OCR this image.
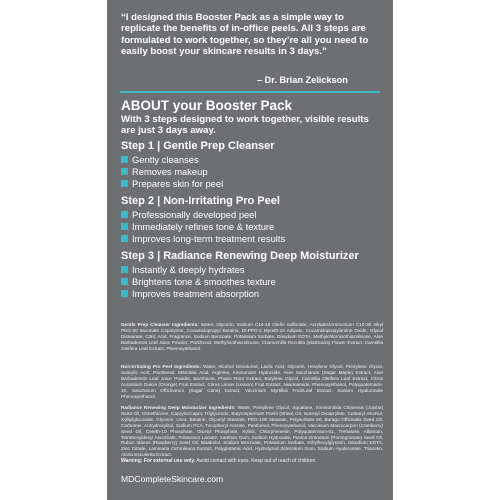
“I designed this Booster Pack as a simple way to replicate the benefits of in-office peels. All 3 steps are formulated to work together, so they’re all you need to easily boost your skincare results in 3 days.”
– Dr. Brian Zelickson
ABOUT your Booster Pack
With 3 steps designed to work together, visible results are just 3 days away.
Step 1 | Gentle Prep Cleanser
Gently cleanses
Removes makeup
Prepares skin for peel
Step 2 | Non-Irritating Pro Peel
Professionally developed peel
Immediately refines tone & texture
Improves long-term treatment results
Step 3 | Radiance Renewing Deep Moisturizer
Instantly & deeply hydrates
Brightens tone & smoothes texture
Improves treatment absorption
Gentle Prep Cleanser Ingredients: Water, Glycerin, Sodium C14-16 Olefin Sulfonate, Acrylates/Ammonium C10-30 Alkyl PEG-20 Itaconate Copolymer, Cocamidopropyl Betaine, Di-PPG-2 Myreth-10 Adipate, Cocamidopropylamine Oxide, Glycol Distearate, Citric Acid, Fragrance, Sodium Benzoate, Potassium Sorbate, Disodium EDTA, Methylchloroisothiazolinone, Aloe Barbadensis Leaf Juice Powder, Panthenol, Methylisothiazolinone, Chamomilla Recutita (Matricaria) Flower Extract, Camellia Oleifera Leaf Extract, Phenoxyethanol.
Non-Irritating Pro Peel Ingredients: Water, Alcohol Denatured, Lactic Acid, Glycerin, Hexylene Glycol, Pentylene Glycol, Salicylic Acid, Panthenol, Mandelic Acid, Arginine, Ammonium Hydroxide, Acer Saccharum (Sugar Maple) Extract, Aloe Barbadensis Leaf Juice Powder, Boerhavia, Phaeo Root Extract, Butylene Glycol, Camellia Oleifera Leaf Extract, Citrus Aurantium Dulcis (Orange) Fruit Extract, Citrus Limon (Lemon) Fruit Extract, Niacinamide, Phenoxyethanol, Polyquaternium-10, Saccharum Officinarum (Sugar Cane) Extract, Vaccinium Myrtillus Fruit/Leaf Extract, Sodium Hyaluronate Phenoxyethanol.
Radiance Renewing Deep Moisturizer Ingredients: Water, Pentylene Glycol, Squalane, Simmondsia Chinensis (Jojoba) Seed Oil, Dimethicone, Caprylic/Capric Triglyceride, Butyrospermum Parkii (Shea) Oil, Isocetyl Dicaprylate, Cetearyl Alcohol, Xylitylglucoside, Glycerin, Urea, Betaine, Glyceryl Stearate, PEG-100 Stearate, Polysorbate 60, Borago Officinalis Seed Oil, Carbomer, Anhydroxylitol, Sodium PCA, Tocopheryl Acetate, Panthenol, Phenoxyethanol, Vaccinium Macrocarpon (Cranberry) Seed Oil, Ceteth-10 Phosphate, Dicetyl Phosphate, Xylitol, Chlorphenesin, Polyquaternium-51, Trehalose, Allantoin, Tetrahexyldecyl Ascorbate, Potassium Lactate, Xanthan Gum, Sodium Hydroxide, Punica Granatum (Pomegranate) Seed Oil, Rubus Idaeus (Raspberry) Seed Oil, Bisabolol, Sodium Benzoate, Potassium Sorbate, Ethylhexylglycerin, Disodium EDTA, Zinc Citrate, Laminaria Ochroleuca Extract, Polyglutamic Acid, Hydrolyzed Sclerotium Gum, Sodium Hyaluronate, Triacetin, Alaria Esculenta Extract.
Warning: For external use only. Avoid contact with eyes. Keep out of reach of children.
MDCompleteSkincare.com
